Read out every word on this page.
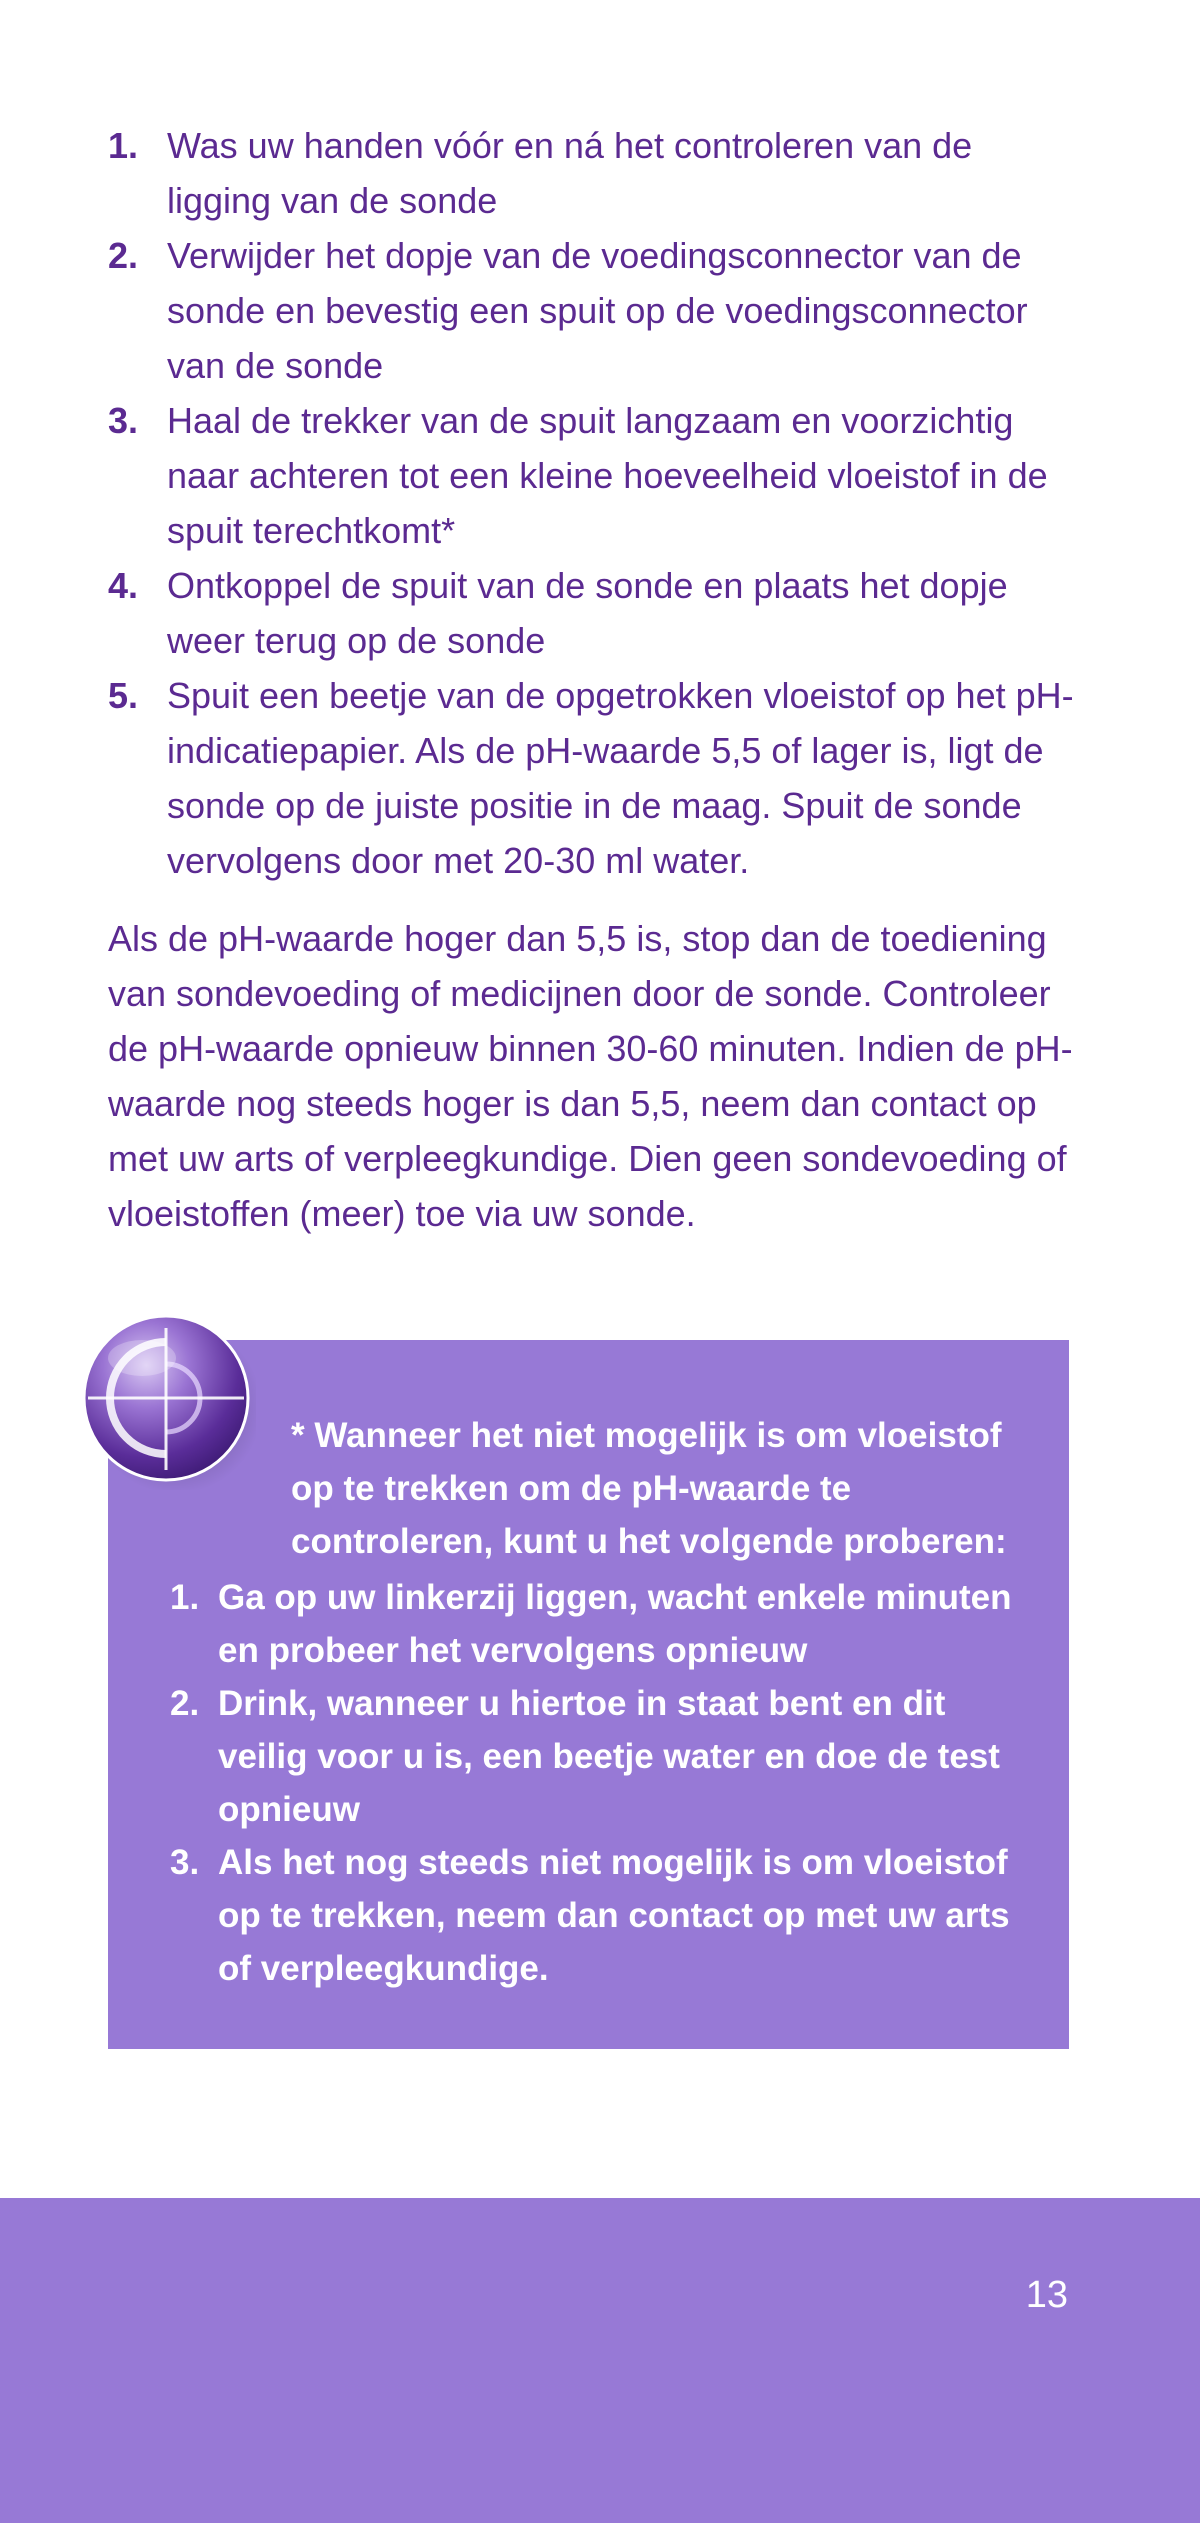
1. Was uw handen vóór en ná het controleren van de ligging van de sonde
2. Verwijder het dopje van de voedingsconnector van de sonde en bevestig een spuit op de voedingsconnector van de sonde
3. Haal de trekker van de spuit langzaam en voorzichtig naar achteren tot een kleine hoeveelheid vloeistof in de spuit terechtkomt*
4. Ontkoppel de spuit van de sonde en plaats het dopje weer terug op de sonde
5. Spuit een beetje van de opgetrokken vloeistof op het pH-indicatiepapier. Als de pH-waarde 5,5 of lager is, ligt de sonde op de juiste positie in de maag. Spuit de sonde vervolgens door met 20-30 ml water.

Als de pH-waarde hoger dan 5,5 is, stop dan de toediening van sondevoeding of medicijnen door de sonde. Controleer de pH-waarde opnieuw binnen 30-60 minuten. Indien de pH-waarde nog steeds hoger is dan 5,5, neem dan contact op met uw arts of verpleegkundige. Dien geen sondevoeding of vloeistoffen (meer) toe via uw sonde.

* Wanneer het niet mogelijk is om vloeistof op te trekken om de pH-waarde te controleren, kunt u het volgende proberen:

1. Ga op uw linkerzij liggen, wacht enkele minuten en probeer het vervolgens opnieuw
2. Drink, wanneer u hiertoe in staat bent en dit veilig voor u is, een beetje water en doe de test opnieuw
3. Als het nog steeds niet mogelijk is om vloeistof op te trekken, neem dan contact op met uw arts of verpleegkundige.
13
